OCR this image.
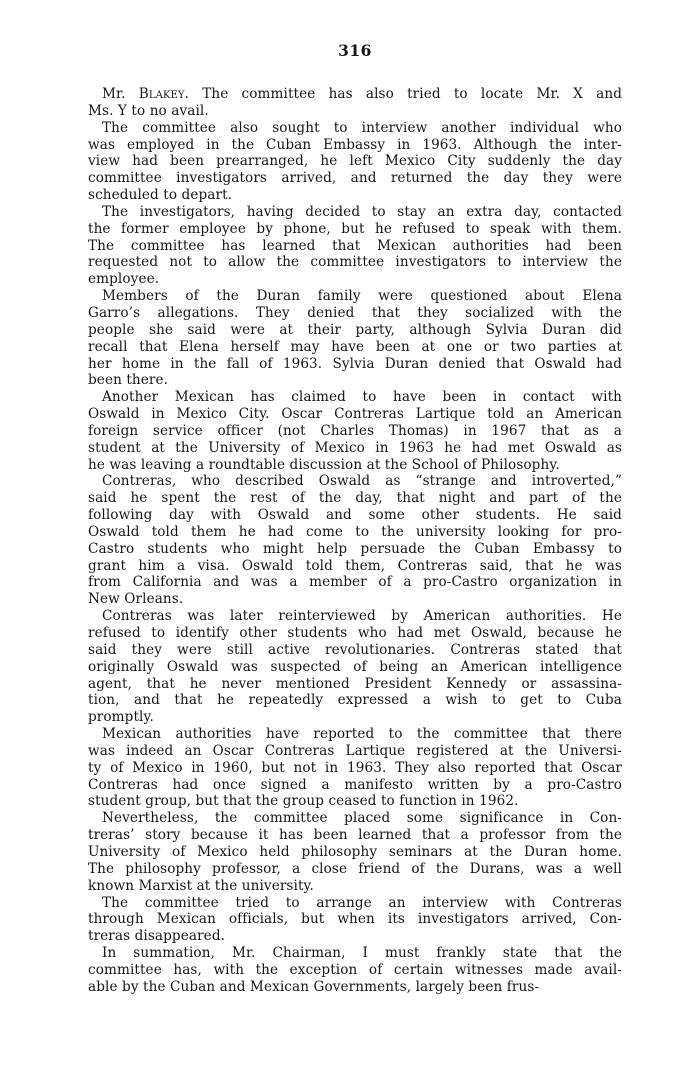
316
Mr. Blakey. The committee has also tried to locate Mr. X and
Ms. Y to no avail.
The committee also sought to interview another individual who
was employed in the Cuban Embassy in 1963. Although the inter-
view had been prearranged, he left Mexico City suddenly the day
committee investigators arrived, and returned the day they were
scheduled to depart.
The investigators, having decided to stay an extra day, contacted
the former employee by phone, but he refused to speak with them.
The committee has learned that Mexican authorities had been
requested not to allow the committee investigators to interview the
employee.
Members of the Duran family were questioned about Elena
Garro’s allegations. They denied that they socialized with the
people she said were at their party, although Sylvia Duran did
recall that Elena herself may have been at one or two parties at
her home in the fall of 1963. Sylvia Duran denied that Oswald had
been there.
Another Mexican has claimed to have been in contact with
Oswald in Mexico City. Oscar Contreras Lartique told an American
foreign service officer (not Charles Thomas) in 1967 that as a
student at the University of Mexico in 1963 he had met Oswald as
he was leaving a roundtable discussion at the School of Philosophy.
Contreras, who described Oswald as “strange and introverted,”
said he spent the rest of the day, that night and part of the
following day with Oswald and some other students. He said
Oswald told them he had come to the university looking for pro-
Castro students who might help persuade the Cuban Embassy to
grant him a visa. Oswald told them, Contreras said, that he was
from California and was a member of a pro-Castro organization in
New Orleans.
Contreras was later reinterviewed by American authorities. He
refused to identify other students who had met Oswald, because he
said they were still active revolutionaries. Contreras stated that
originally Oswald was suspected of being an American intelligence
agent, that he never mentioned President Kennedy or assassina-
tion, and that he repeatedly expressed a wish to get to Cuba
promptly.
Mexican authorities have reported to the committee that there
was indeed an Oscar Contreras Lartique registered at the Universi-
ty of Mexico in 1960, but not in 1963. They also reported that Oscar
Contreras had once signed a manifesto written by a pro-Castro
student group, but that the group ceased to function in 1962.
Nevertheless, the committee placed some significance in Con-
treras’ story because it has been learned that a professor from the
University of Mexico held philosophy seminars at the Duran home.
The philosophy professor, a close friend of the Durans, was a well
known Marxist at the university.
The committee tried to arrange an interview with Contreras
through Mexican officials, but when its investigators arrived, Con-
treras disappeared.
In summation, Mr. Chairman, I must frankly state that the
committee has, with the exception of certain witnesses made avail-
able by the Cuban and Mexican Governments, largely been frus-
